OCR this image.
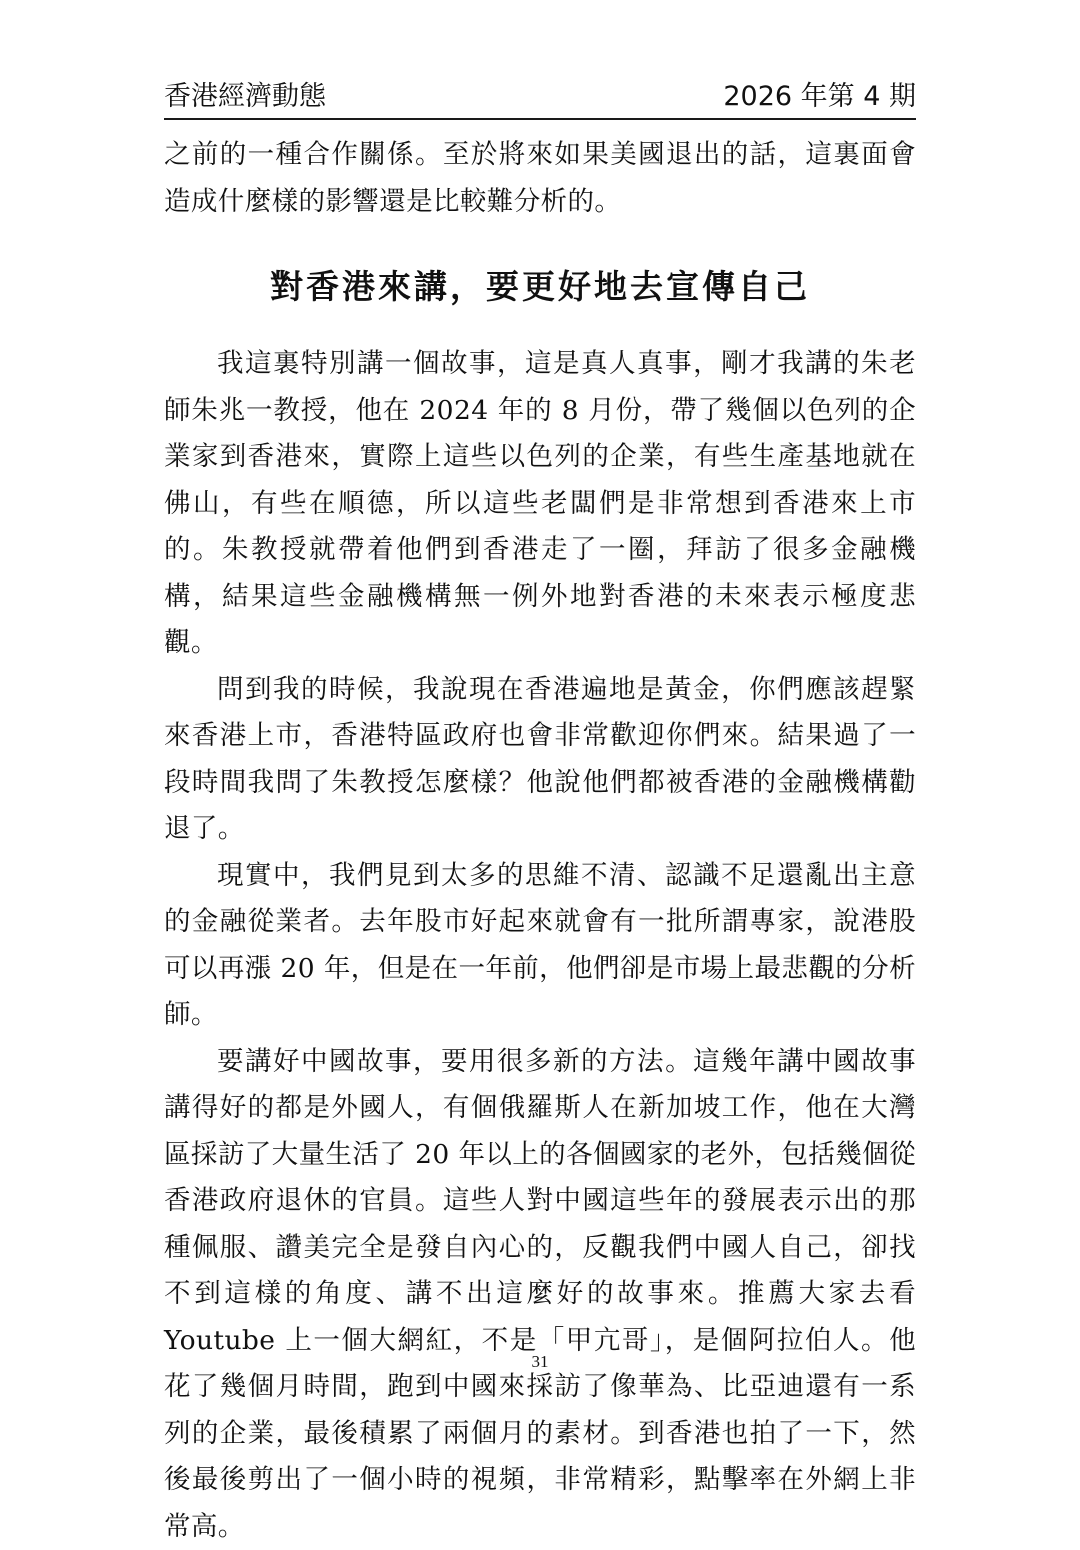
香港經濟動態	2026 年第 4 期

之前的一種合作關係。至於將來如果美國退出的話，這裏面會造成什麼樣的影響還是比較難分析的。

對香港來講，要更好地去宣傳自己

我這裏特別講一個故事，這是真人真事，剛才我講的朱老師朱兆一教授，他在 2024 年的 8 月份，帶了幾個以色列的企業家到香港來，實際上這些以色列的企業，有些生產基地就在佛山，有些在順德，所以這些老闆們是非常想到香港來上市的。朱教授就帶着他們到香港走了一圈，拜訪了很多金融機構，結果這些金融機構無一例外地對香港的未來表示極度悲觀。

問到我的時候，我說現在香港遍地是黃金，你們應該趕緊來香港上市，香港特區政府也會非常歡迎你們來。結果過了一段時間我問了朱教授怎麼樣？他說他們都被香港的金融機構勸退了。

現實中，我們見到太多的思維不清、認識不足還亂出主意的金融從業者。去年股市好起來就會有一批所謂專家，說港股可以再漲 20 年，但是在一年前，他們卻是市場上最悲觀的分析師。

要講好中國故事，要用很多新的方法。這幾年講中國故事講得好的都是外國人，有個俄羅斯人在新加坡工作，他在大灣區採訪了大量生活了 20 年以上的各個國家的老外，包括幾個從香港政府退休的官員。這些人對中國這些年的發展表示出的那種佩服、讚美完全是發自內心的，反觀我們中國人自己，卻找不到這樣的角度、講不出這麼好的故事來。推薦大家去看 Youtube 上一個大網紅，不是「甲亢哥」，是個阿拉伯人。他花了幾個月時間，跑到中國來採訪了像華為、比亞迪還有一系列的企業，最後積累了兩個月的素材。到香港也拍了一下，然後最後剪出了一個小時的視頻，非常精彩，點擊率在外網上非常高。

31
